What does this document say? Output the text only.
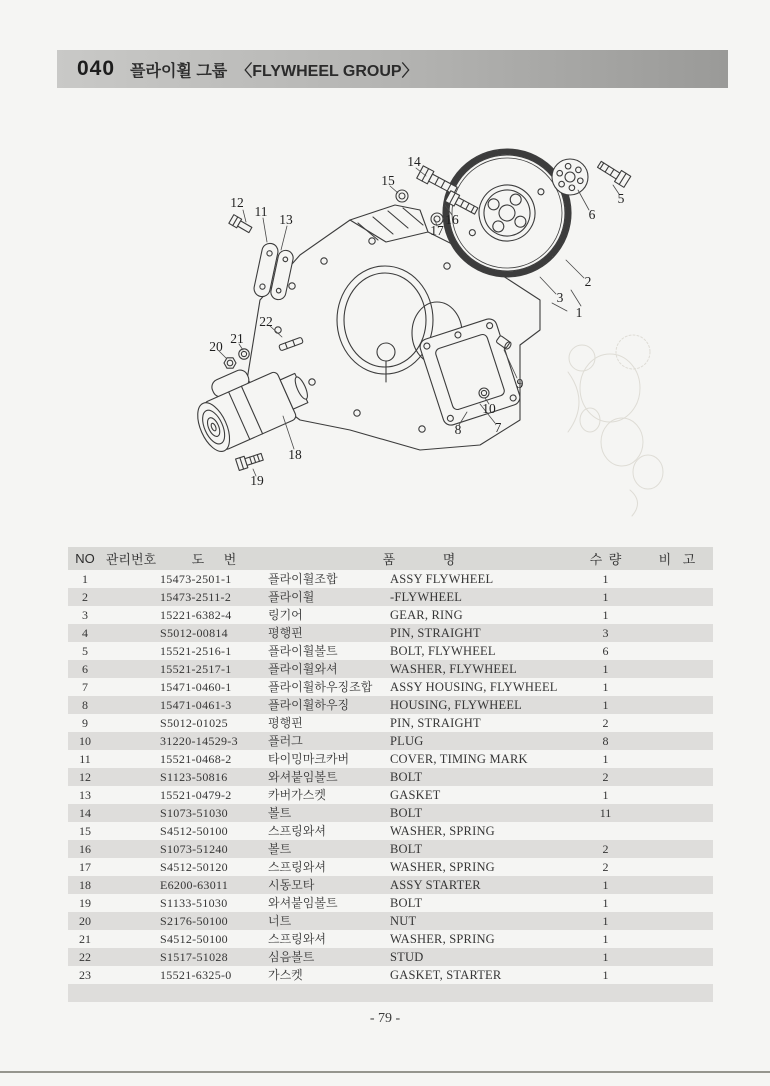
040 플라이휠 그룹 〈FLYWHEEL GROUP〉
12
11
13
15
14
16
17
6
5
2
3
1
22
21
20
9
10
8 7
18
19
NO	관리번호	도 번	품 명		수 량	비 고
1		15473-2501-1	플라이휠조합	ASSY FLYWHEEL	1	
2		15473-2511-2	플라이휠	-FLYWHEEL	1	
3		15221-6382-4	링기어	GEAR, RING	1	
4		S5012-00814	평행핀	PIN, STRAIGHT	3	
5		15521-2516-1	플라이휠볼트	BOLT, FLYWHEEL	6	
6		15521-2517-1	플라이휠와셔	WASHER, FLYWHEEL	1	
7		15471-0460-1	플라이휠하우징조합	ASSY HOUSING, FLYWHEEL	1	
8		15471-0461-3	플라이휠하우징	HOUSING, FLYWHEEL	1	
9		S5012-01025	평행핀	PIN, STRAIGHT	2	
10		31220-14529-3	플러그	PLUG	8	
11		15521-0468-2	타이밍마크카버	COVER, TIMING MARK	1	
12		S1123-50816	와셔붙임볼트	BOLT	2	
13		15521-0479-2	카버가스켓	GASKET	1	
14		S1073-51030	볼트	BOLT	11	
15		S4512-50100	스프링와셔	WASHER, SPRING		
16		S1073-51240	볼트	BOLT	2	
17		S4512-50120	스프링와셔	WASHER, SPRING	2	
18		E6200-63011	시동모타	ASSY STARTER	1	
19		S1133-51030	와셔붙임볼트	BOLT	1	
20		S2176-50100	너트	NUT	1	
21		S4512-50100	스프링와셔	WASHER, SPRING	1	
22		S1517-51028	심음볼트	STUD	1	
23		15521-6325-0	가스켓	GASKET, STARTER	1	

- 79 -
